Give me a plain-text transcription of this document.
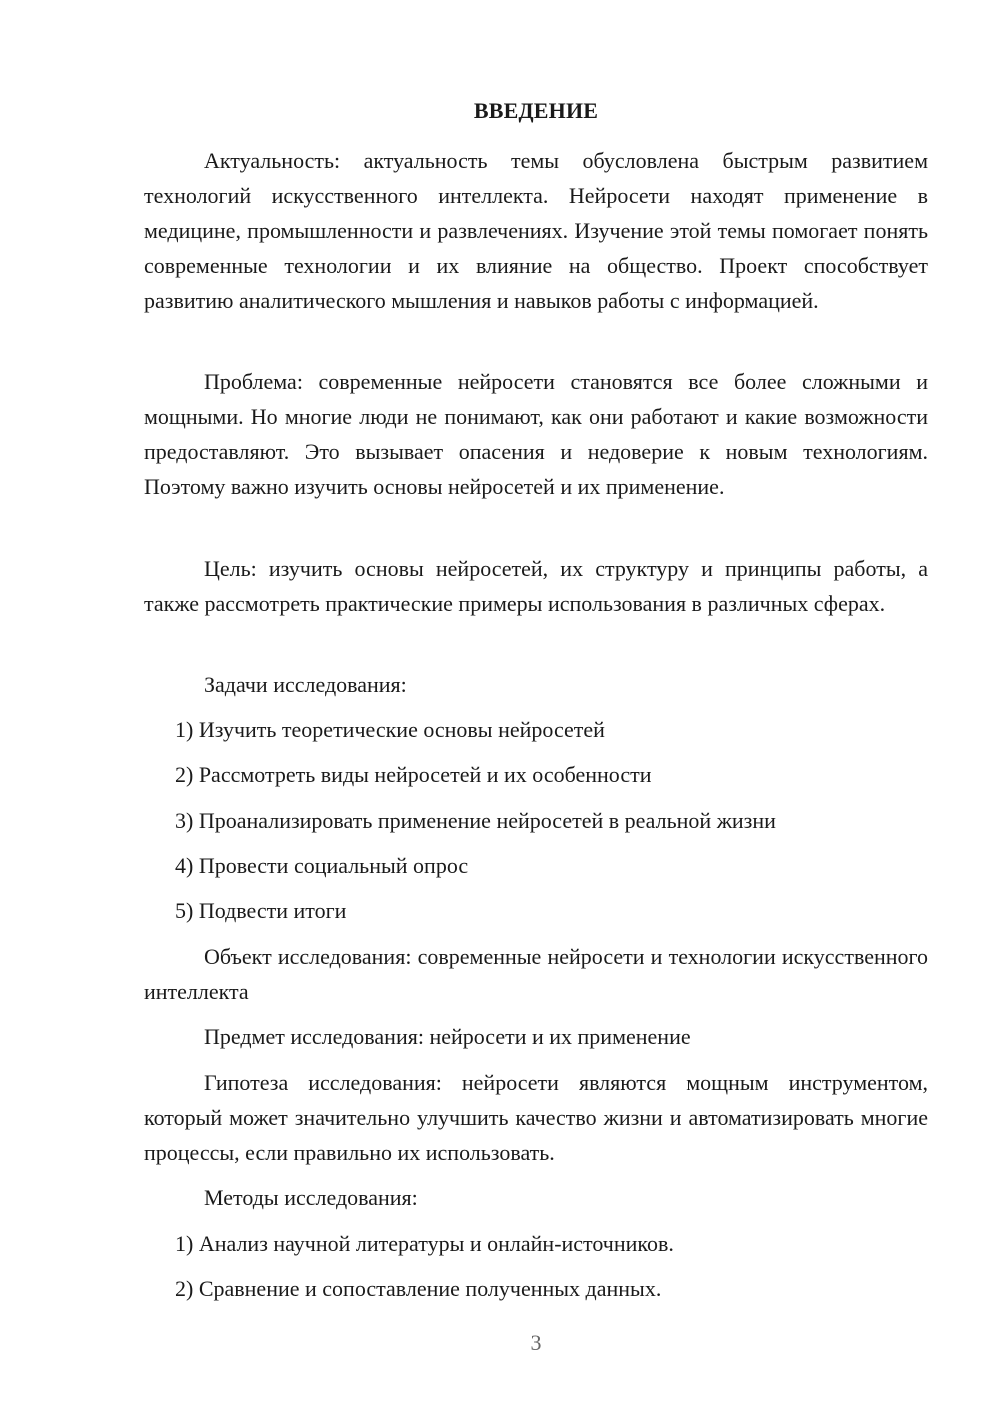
ВВЕДЕНИЕ

Актуальность: актуальность темы обусловлена быстрым развитием технологий искусственного интеллекта. Нейросети находят применение в медицине, промышленности и развлечениях. Изучение этой темы помогает понять современные технологии и их влияние на общество. Проект способствует развитию аналитического мышления и навыков работы с информацией.

Проблема: современные нейросети становятся все более сложными и мощными. Но многие люди не понимают, как они работают и какие возможности предоставляют. Это вызывает опасения и недоверие к новым технологиям. Поэтому важно изучить основы нейросетей и их применение.

Цель: изучить основы нейросетей, их структуру и принципы работы, а также рассмотреть практические примеры использования в различных сферах.

Задачи исследования:

1) Изучить теоретические основы нейросетей

2) Рассмотреть виды нейросетей и их особенности

3) Проанализировать применение нейросетей в реальной жизни

4) Провести социальный опрос

5) Подвести итоги

Объект исследования: современные нейросети и технологии искусственного интеллекта

Предмет исследования: нейросети и их применение

Гипотеза исследования: нейросети являются мощным инструментом, который может значительно улучшить качество жизни и автоматизировать многие процессы, если правильно их использовать.

Методы исследования:

1) Анализ научной литературы и онлайн-источников.

2) Сравнение и сопоставление полученных данных.

3
